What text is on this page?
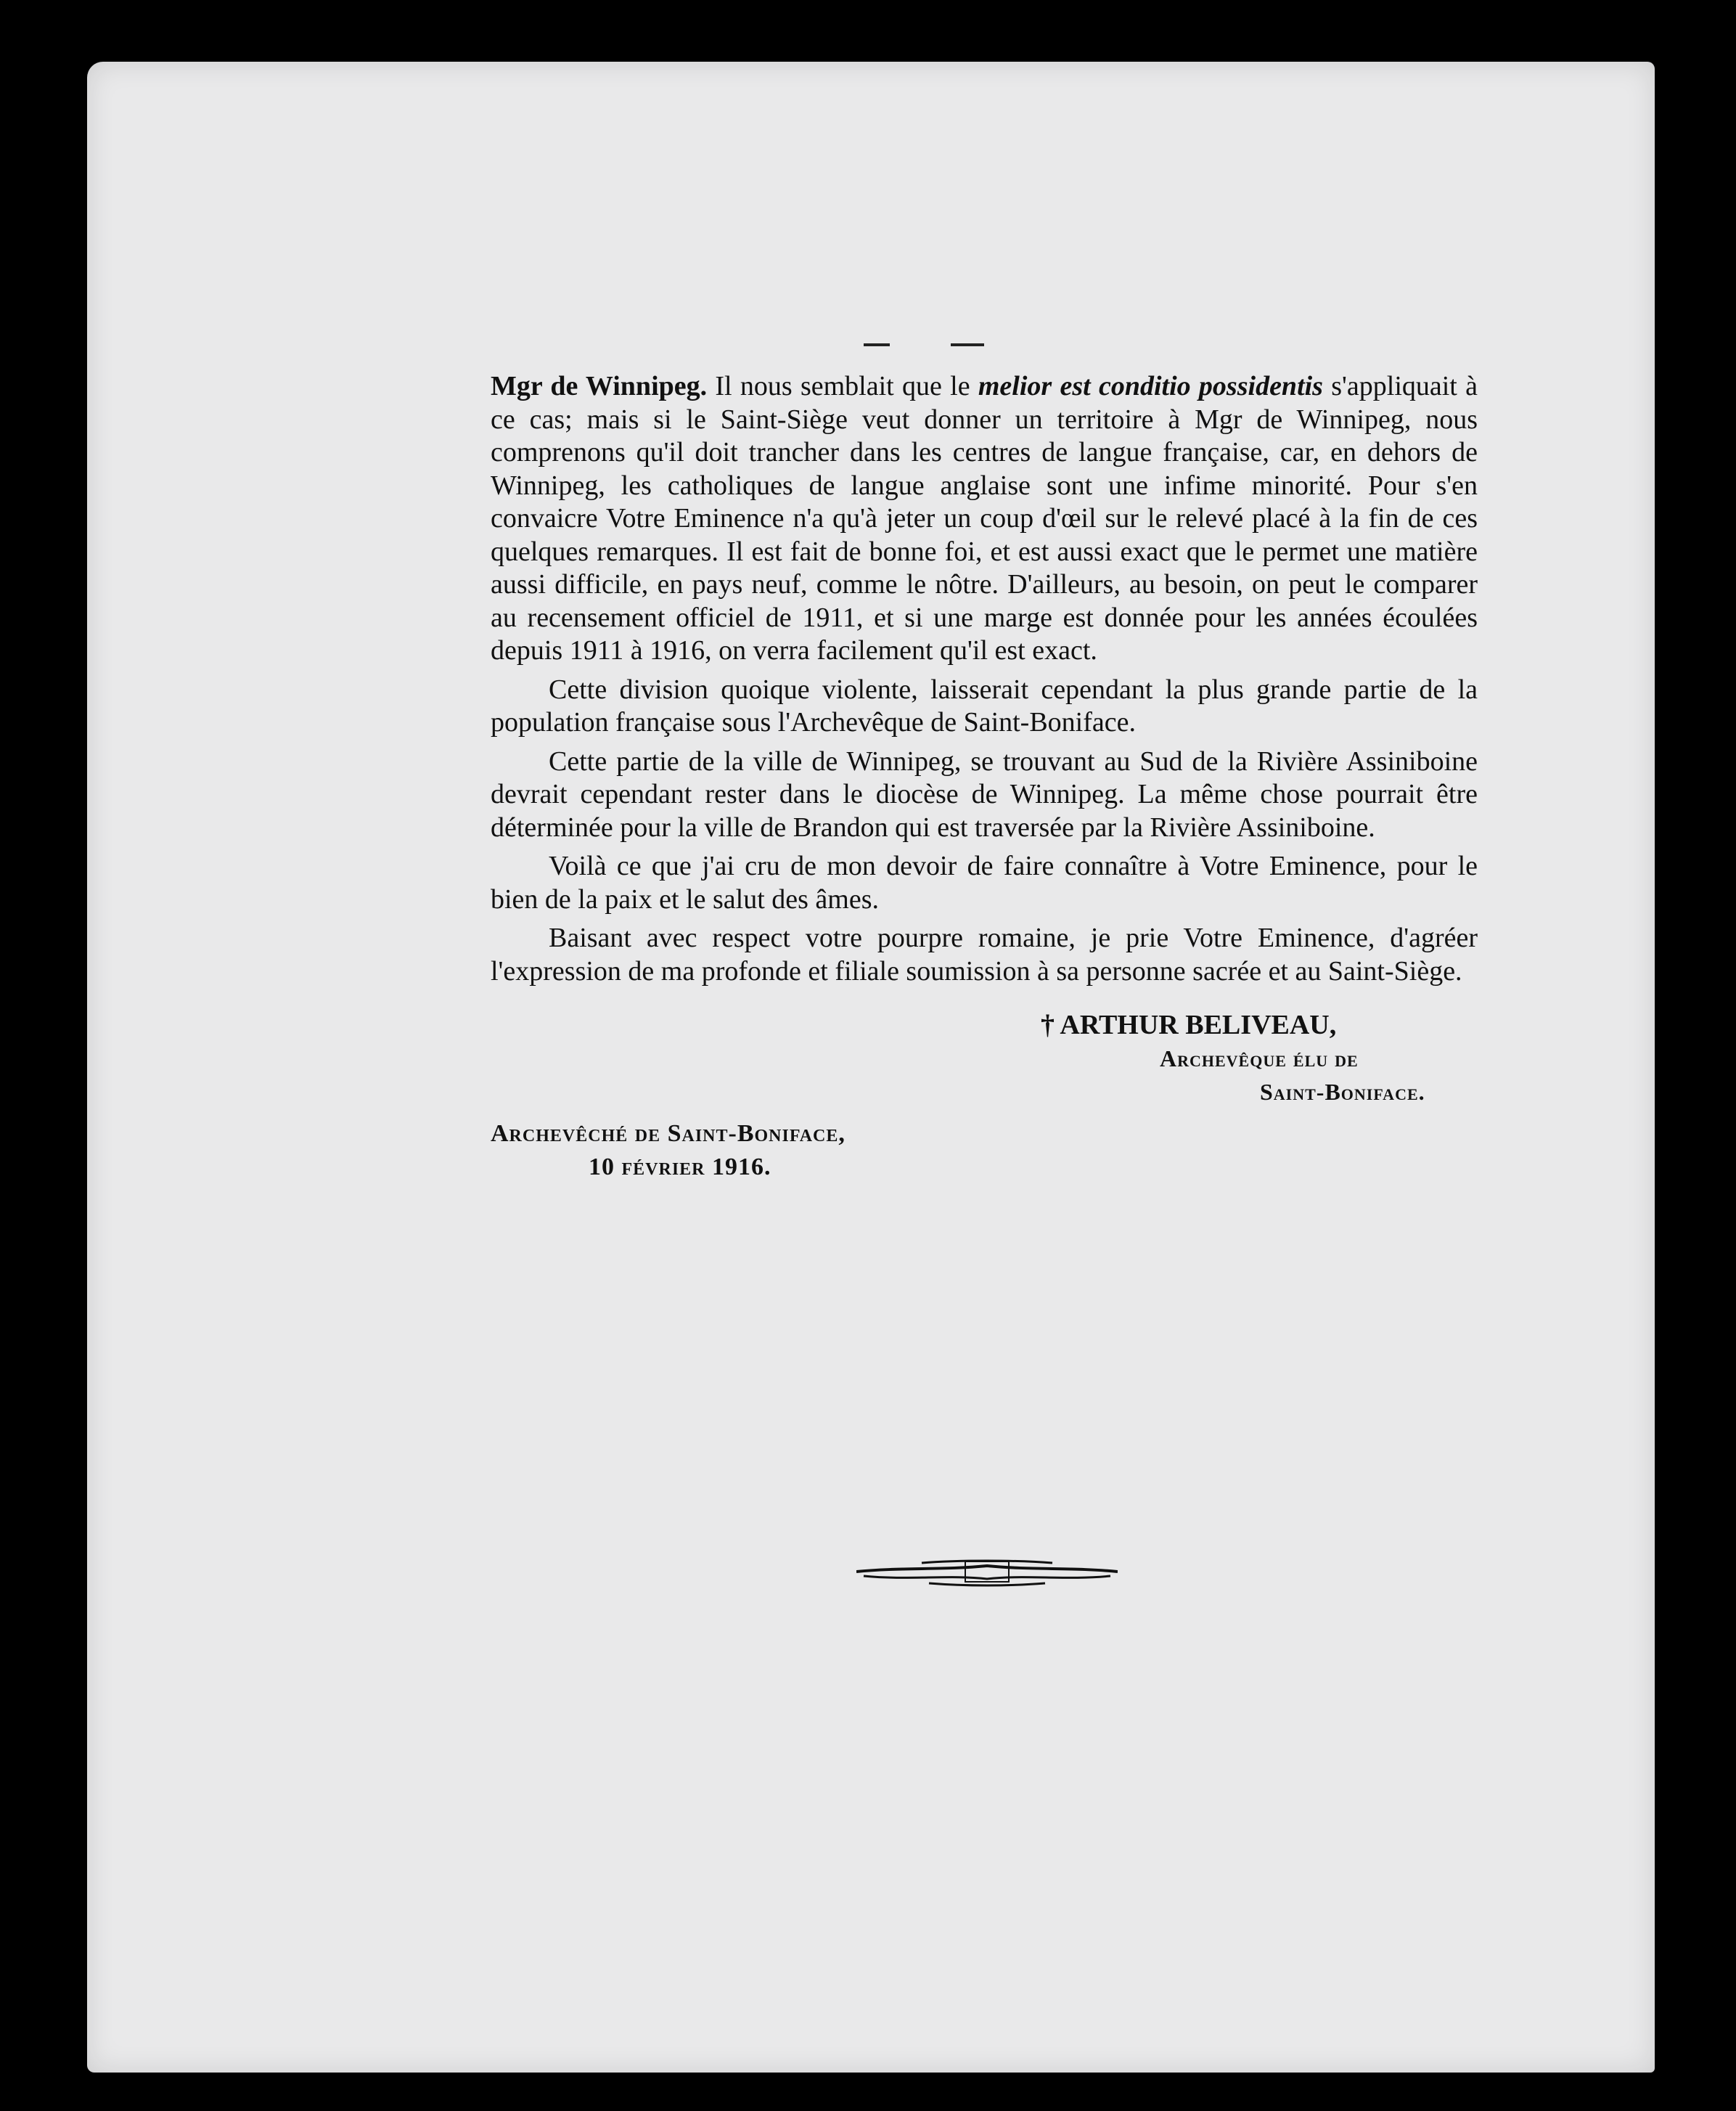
Mgr de Winnipeg. Il nous semblait que le melior est conditio possidentis s'appliquait à ce cas; mais si le Saint-Siège veut donner un territoire à Mgr de Winnipeg, nous comprenons qu'il doit trancher dans les centres de langue française, car, en dehors de Winnipeg, les catholiques de langue anglaise sont une infime minorité. Pour s'en convaicre Votre Eminence n'a qu'à jeter un coup d'œil sur le relevé placé à la fin de ces quelques remarques. Il est fait de bonne foi, et est aussi exact que le permet une matière aussi difficile, en pays neuf, comme le nôtre. D'ailleurs, au besoin, on peut le comparer au recensement officiel de 1911, et si une marge est donnée pour les années écoulées depuis 1911 à 1916, on verra facilement qu'il est exact.

Cette division quoique violente, laisserait cependant la plus grande partie de la population française sous l'Archevêque de Saint-Boniface.

Cette partie de la ville de Winnipeg, se trouvant au Sud de la Rivière Assiniboine devrait cependant rester dans le diocèse de Winnipeg. La même chose pourrait être déterminée pour la ville de Brandon qui est traversée par la Rivière Assiniboine.

Voilà ce que j'ai cru de mon devoir de faire connaître à Votre Eminence, pour le bien de la paix et le salut des âmes.

Baisant avec respect votre pourpre romaine, je prie Votre Eminence, d'agréer l'expression de ma profonde et filiale soumission à sa personne sacrée et au Saint-Siège.

† ARTHUR BELIVEAU,
Archevêque élu de
Saint-Boniface.
Archevêché de Saint-Boniface,
10 février 1916.
